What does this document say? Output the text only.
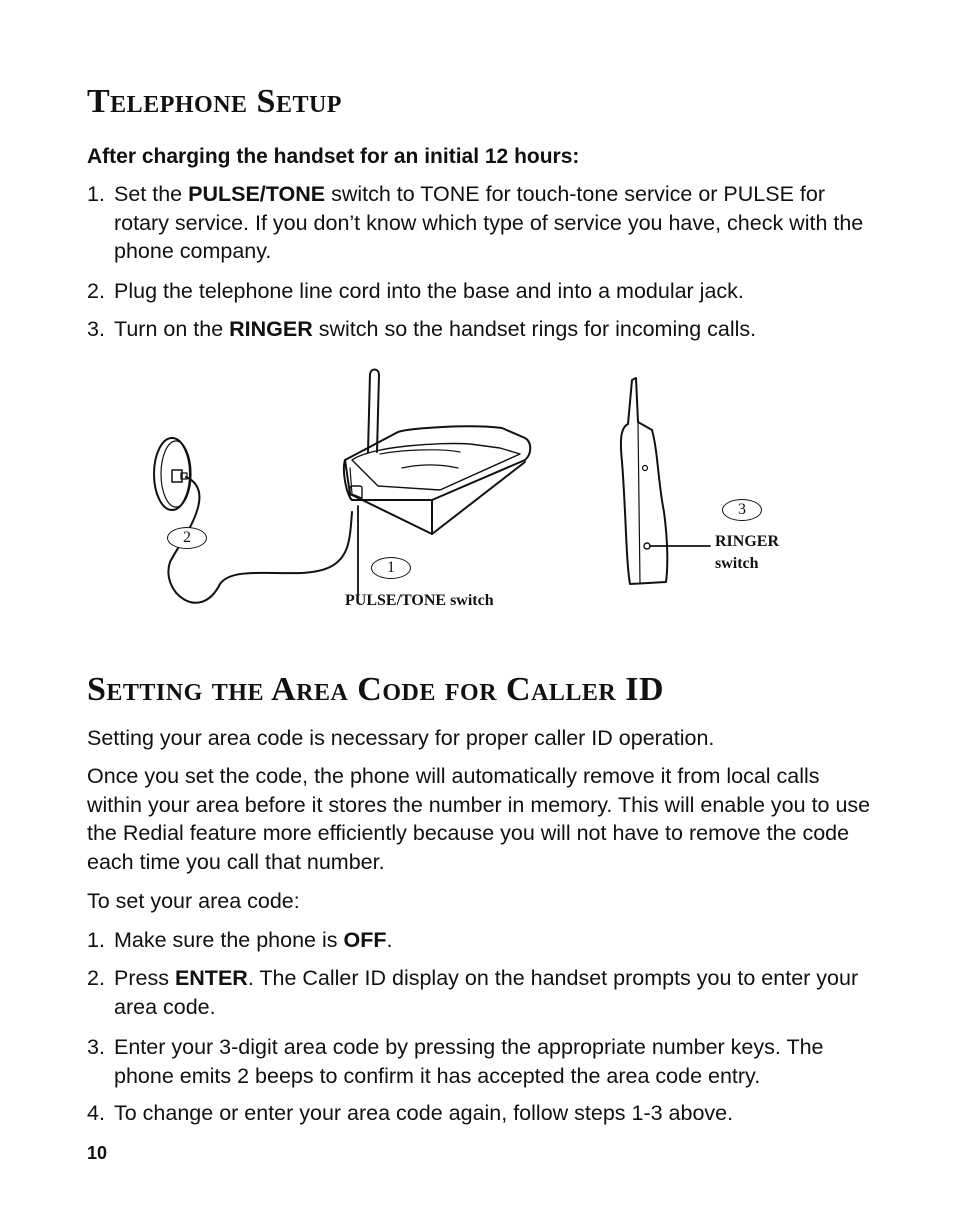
Telephone Setup

After charging the handset for an initial 12 hours:

1. Set the PULSE/TONE switch to TONE for touch-tone service or PULSE for rotary service. If you don’t know which type of service you have, check with the phone company.
2. Plug the telephone line cord into the base and into a modular jack.
3. Turn on the RINGER switch so the handset rings for incoming calls.
2
1
3
PULSE/TONE switch
RINGER
switch
Setting the Area Code for Caller ID

Setting your area code is necessary for proper caller ID operation.

Once you set the code, the phone will automatically remove it from local calls within your area before it stores the number in memory. This will enable you to use the Redial feature more efficiently because you will not have to remove the code each time you call that number.

To set your area code:

1. Make sure the phone is OFF.
2. Press ENTER. The Caller ID display on the handset prompts you to enter your area code.
3. Enter your 3-digit area code by pressing the appropriate number keys. The phone emits 2 beeps to confirm it has accepted the area code entry.
4. To change or enter your area code again, follow steps 1-3 above.

10
